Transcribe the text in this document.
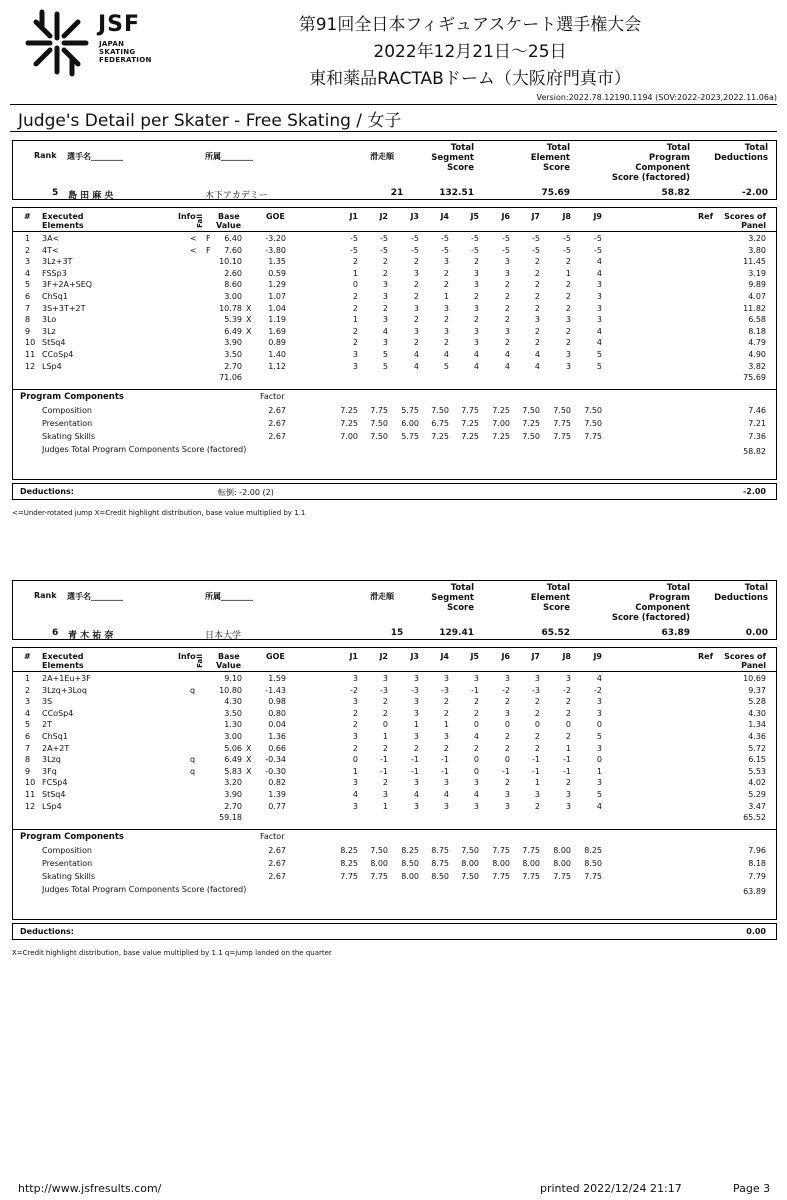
JSF
JAPAN
SKATING
FEDERATION
第91回全日本フィギュアスケート選手権大会
2022年12月21日～25日
東和薬品RACTABドーム（大阪府門真市）
Version:2022.78.12190.1194 (SOV:2022-2023,2022.11.06a)
Judge's Detail per Skater - Free Skating / 女子
Rank 選手名________	所属________	滑走順
Total
Segment
Score
Total
Element
Score
Total
Program
Component
Score (factored)
Total
Deductions
5 島 田 麻 央	木下アカデミー	21	132.51	75.69	58.82	-2.00
# Executed
Elements
Info Fall Base
Value
GOE	J1	J2	J3	J4	J5	J6	J7	J8	J9	Ref Scores of
Panel
1 3A<	< F	6.40	-3.20	-5	-5	-5	-5	-5	-5	-5	-5	-5	3.20
2 4T<	< F	7.60	-3.80	-5	-5	-5	-5	-5	-5	-5	-5	-5	3.80
3 3Lz+3T	10.10	1.35	2	2	2	3	2	3	2	2	4	11.45
4 FSSp3	2.60	0.59	1	2	3	2	3	3	2	1	4	3.19
5 3F+2A+SEQ	8.60	1.29	0	3	2	2	3	2	2	2	3	9.89
6 ChSq1	3.00	1.07	2	3	2	1	2	2	2	2	3	4.07
7 3S+3T+2T	10.78 X	1.04	2	2	3	3	3	2	2	2	3	11.82
8 3Lo	5.39 X	1.19	1	3	2	2	2	2	3	3	3	6.58
9 3Lz	6.49 X	1.69	2	4	3	3	3	3	2	2	4	8.18
10 StSq4	3.90	0.89	2	3	2	2	3	2	2	2	4	4.79
11 CCoSp4	3.50	1.40	3	5	4	4	4	4	4	3	5	4.90
12 LSp4	2.70	1.12	3	5	4	5	4	4	4	3	5	3.82
71.06	75.69
Program Components	Factor
Composition	2.67	7.25	7.75	5.75	7.50	7.75	7.25	7.50	7.50	7.50	7.46
Presentation	2.67	7.25	7.50	6.00	6.75	7.25	7.00	7.25	7.75	7.50	7.21
Skating Skills	2.67	7.00	7.50	5.75	7.25	7.25	7.25	7.50	7.75	7.75	7.36
Judges Total Program Components Score (factored)	58.82
Deductions:	転倒: -2.00 (2)	-2.00
<=Under-rotated jump X=Credit highlight distribution, base value multiplied by 1.1
Rank 選手名________	所属________	滑走順
Total
Segment
Score
Total
Element
Score
Total
Program
Component
Score (factored)
Total
Deductions
6 青 木 祐 奈	日本大学	15	129.41	65.52	63.89	0.00
# Executed
Elements
Info Fall Base
Value
GOE	J1	J2	J3	J4	J5	J6	J7	J8	J9	Ref Scores of
Panel
1 2A+1Eu+3F	9.10	1.59	3	3	3	3	3	3	3	3	4	10.69
2 3Lzq+3Loq	q	10.80	-1.43	-2	-3	-3	-3	-1	-2	-3	-2	-2	9.37
3 3S	4.30	0.98	3	2	3	2	2	2	2	2	3	5.28
4 CCoSp4	3.50	0.80	2	2	3	2	2	3	2	2	3	4.30
5 2T	1.30	0.04	2	0	1	1	0	0	0	0	0	1.34
6 ChSq1	3.00	1.36	3	1	3	3	4	2	2	2	5	4.36
7 2A+2T	5.06 X	0.66	2	2	2	2	2	2	2	1	3	5.72
8 3Lzq	q	6.49 X	-0.34	0	-1	-1	-1	0	0	-1	-1	0	6.15
9 3Fq	q	5.83 X	-0.30	1	-1	-1	-1	0	-1	-1	-1	1	5.53
10 FCSp4	3.20	0.82	3	2	3	3	3	2	1	2	3	4.02
11 StSq4	3.90	1.39	4	3	4	4	4	3	3	3	5	5.29
12 LSp4	2.70	0.77	3	1	3	3	3	3	2	3	4	3.47
59.18	65.52
Program Components	Factor
Composition	2.67	8.25	7.50	8.25	8.75	7.50	7.75	7.75	8.00	8.25	7.96
Presentation	2.67	8.25	8.00	8.50	8.75	8.00	8.00	8.00	8.00	8.50	8.18
Skating Skills	2.67	7.75	7.75	8.00	8.50	7.50	7.75	7.75	7.75	7.75	7.79
Judges Total Program Components Score (factored)	63.89
Deductions:	0.00
X=Credit highlight distribution, base value multiplied by 1.1 q=jump landed on the quarter
http://www.jsfresults.com/	printed 2022/12/24 21:17	Page 3
